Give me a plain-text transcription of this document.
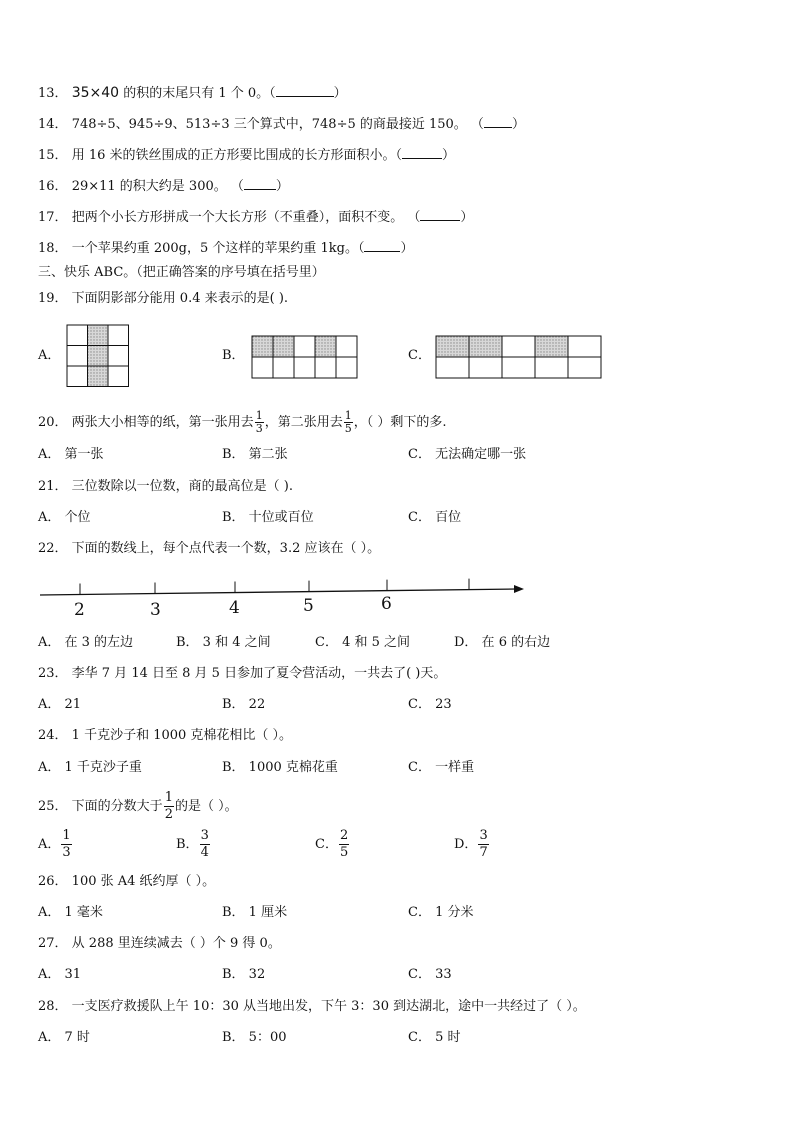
13． 35×40 的积的末尾只有 1 个 0。（	）
14． 748÷5、945÷9、513÷3 三个算式中，748÷5 的商最接近 150。 （ ）
15． 用 16 米的铁丝围成的正方形要比围成的长方形面积小。（	）
16． 29×11 的积大约是 300。 （ ）
17． 把两个小长方形拼成一个大长方形（不重叠），面积不变。 （	）
18． 一个苹果约重 200g，5 个这样的苹果约重 1kg。（	）
三、快乐 ABC。（把正确答案的序号填在括号里）
19． 下面阴影部分能用 0.4 来表示的是( ).
A．	B．	C．
20． 两张大小相等的纸，第一张用去 $\frac{1}{3}$ ，第二张用去 $\frac{1}{5}$ ，（ ）剩下的多.
A． 第一张	B． 第二张	C． 无法确定哪一张
21． 三位数除以一位数，商的最高位是（ ).
A． 个位	B． 十位或百位	C． 百位
22． 下面的数线上，每个点代表一个数，3.2 应该在（ ）。
2	3	4	5	6
A． 在 3 的左边	B． 3 和 4 之间	C． 4 和 5 之间	D． 在 6 的右边
23． 李华 7 月 14 日至 8 月 5 日参加了夏令营活动，一共去了( )天。
A． 21	B． 22	C． 23
24． 1 千克沙子和 1000 克棉花相比（ ）。
A． 1 千克沙子重	B． 1000 克棉花重	C． 一样重
25． 下面的分数大于 $\frac{1}{2}$ 的是（ ）。
A． $\frac{1}{3}$	B． $\frac{3}{4}$	C． $\frac{2}{5}$	D． $\frac{3}{7}$
26． 100 张 A4 纸约厚（ ）。
A． 1 毫米	B． 1 厘米	C． 1 分米
27． 从 288 里连续减去（ ）个 9 得 0。
A． 31	B． 32	C． 33
28． 一支医疗救援队上午 10：30 从当地出发，下午 3：30 到达湖北，途中一共经过了（ ）。
A． 7 时	B． 5：00	C． 5 时
